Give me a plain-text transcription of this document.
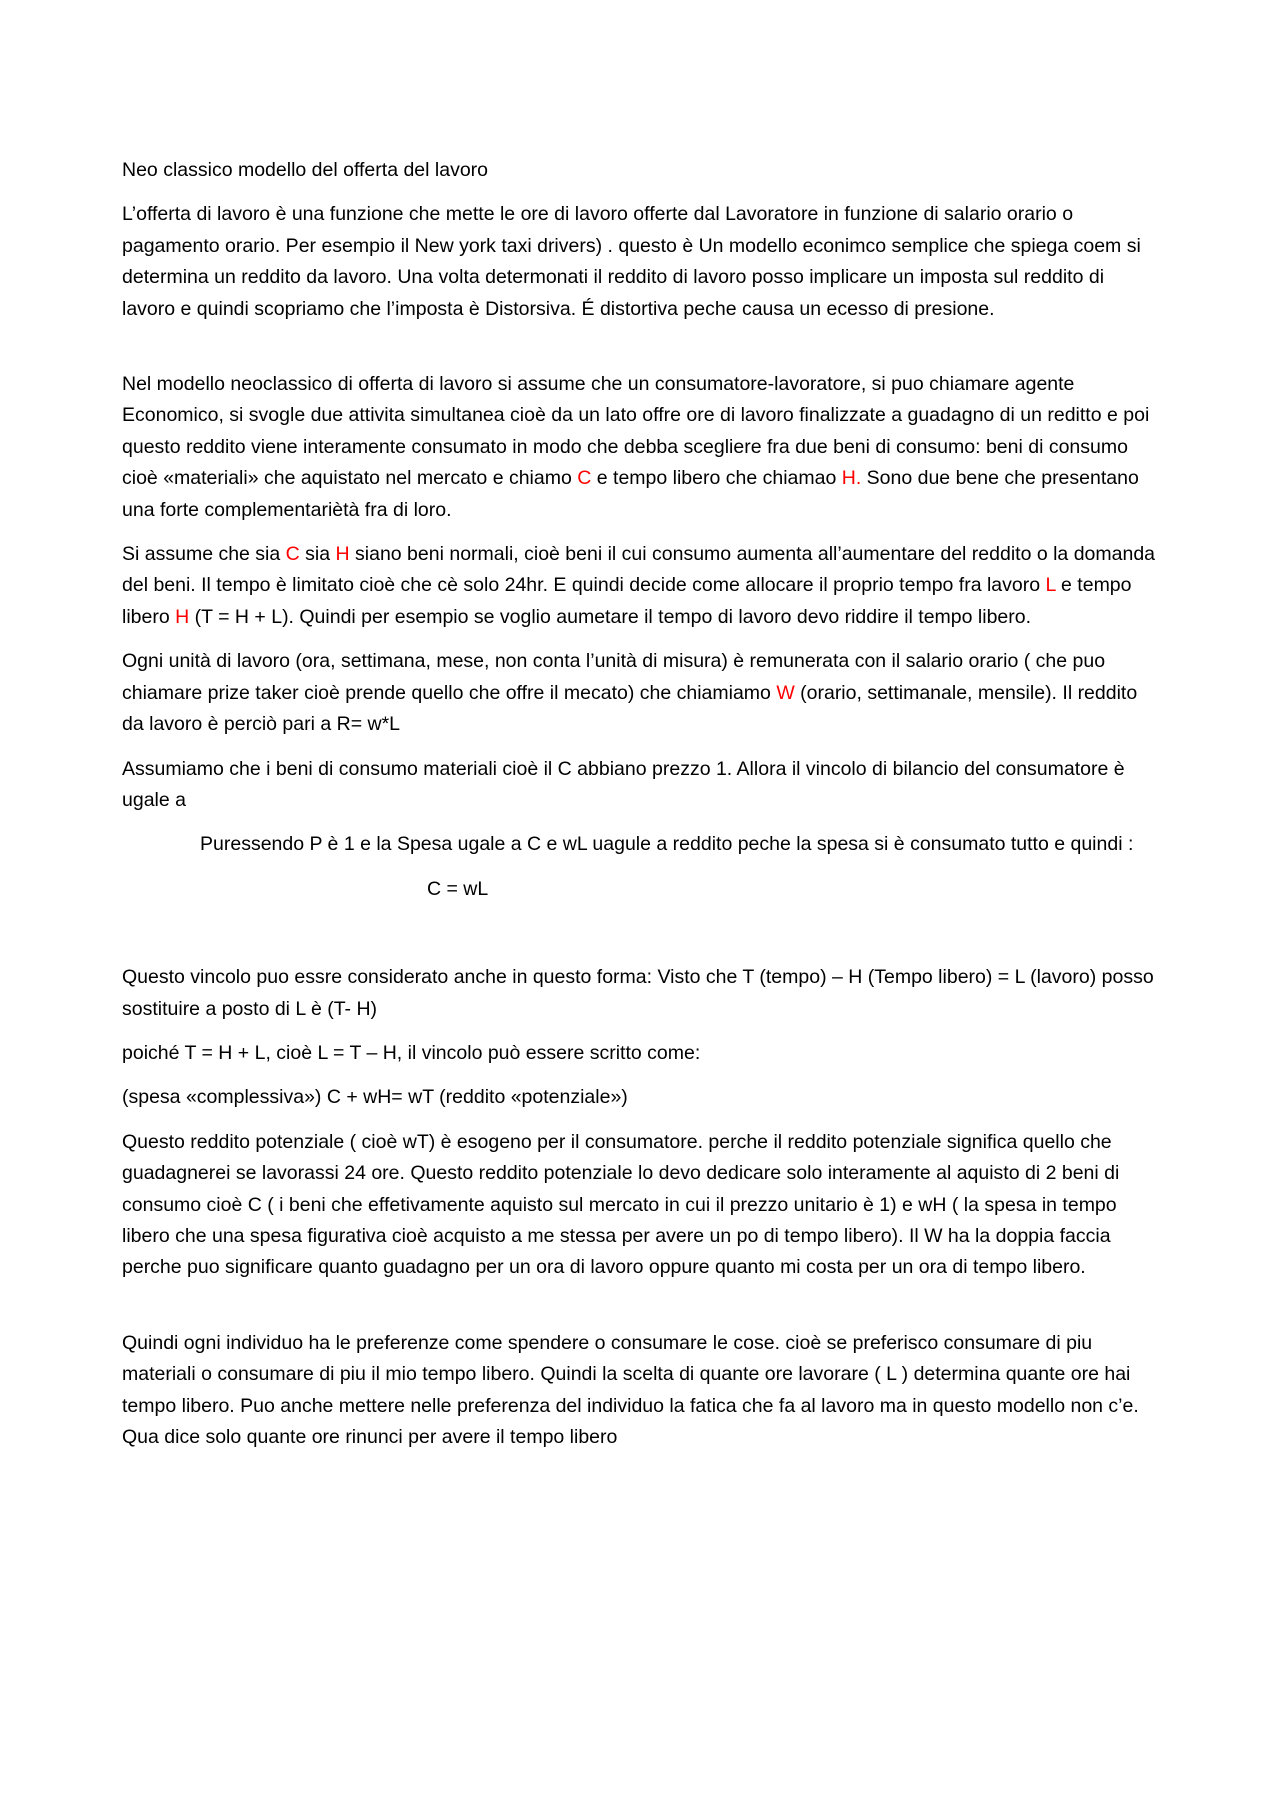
Neo classico modello del offerta del lavoro

L’offerta di lavoro è una funzione che mette le ore di lavoro offerte dal Lavoratore in funzione di salario orario o pagamento orario. Per esempio il New york taxi drivers) . questo è Un modello econimco semplice che spiega coem si determina un reddito da lavoro. Una volta determonati il reddito di lavoro posso implicare un imposta sul reddito di lavoro e quindi scopriamo che l’imposta è Distorsiva. É distortiva peche causa un ecesso di presione.

Nel modello neoclassico di offerta di lavoro si assume che un consumatore-lavoratore, si puo chiamare agente Economico, si svogle due attivita simultanea cioè da un lato offre ore di lavoro finalizzate a guadagno di un reditto e poi questo reddito viene interamente consumato in modo che debba scegliere fra due beni di consumo: beni di consumo cioè «materiali» che aquistato nel mercato e chiamo C e tempo libero che chiamao H. Sono due bene che presentano una forte complementariètà fra di loro.

Si assume che sia C sia H siano beni normali, cioè beni il cui consumo aumenta all’aumentare del reddito o la domanda del beni. Il tempo è limitato cioè che cè solo 24hr. E quindi decide come allocare il proprio tempo fra lavoro L e tempo libero H (T = H + L). Quindi per esempio se voglio aumetare il tempo di lavoro devo riddire il tempo libero.

Ogni unità di lavoro (ora, settimana, mese, non conta l’unità di misura) è remunerata con il salario orario ( che puo chiamare prize taker cioè prende quello che offre il mecato) che chiamiamo W (orario, settimanale, mensile). Il reddito da lavoro è perciò pari a R= w*L

Assumiamo che i beni di consumo materiali cioè il C abbiano prezzo 1. Allora il vincolo di bilancio del consumatore è ugale a

Puressendo P è 1 e la Spesa ugale a C e wL uagule a reddito peche la spesa si è consumato tutto e quindi :

C = wL

Questo vincolo puo essre considerato anche in questo forma: Visto che T (tempo) – H (Tempo libero) = L (lavoro) posso sostituire a posto di L è (T- H)

poiché T = H + L, cioè L = T – H, il vincolo può essere scritto come:

(spesa «complessiva») C + wH= wT (reddito «potenziale»)

Questo reddito potenziale ( cioè wT) è esogeno per il consumatore. perche il reddito potenziale significa quello che guadagnerei se lavorassi 24 ore. Questo reddito potenziale lo devo dedicare solo interamente al aquisto di 2 beni di consumo cioè C ( i beni che effetivamente aquisto sul mercato in cui il prezzo unitario è 1) e wH ( la spesa in tempo libero che una spesa figurativa cioè acquisto a me stessa per avere un po di tempo libero). Il W ha la doppia faccia perche puo significare quanto guadagno per un ora di lavoro oppure quanto mi costa per un ora di tempo libero.

Quindi ogni individuo ha le preferenze come spendere o consumare le cose. cioè se preferisco consumare di piu materiali o consumare di piu il mio tempo libero. Quindi la scelta di quante ore lavorare ( L ) determina quante ore hai tempo libero. Puo anche mettere nelle preferenza del individuo la fatica che fa al lavoro ma in questo modello non c’e. Qua dice solo quante ore rinunci per avere il tempo libero
